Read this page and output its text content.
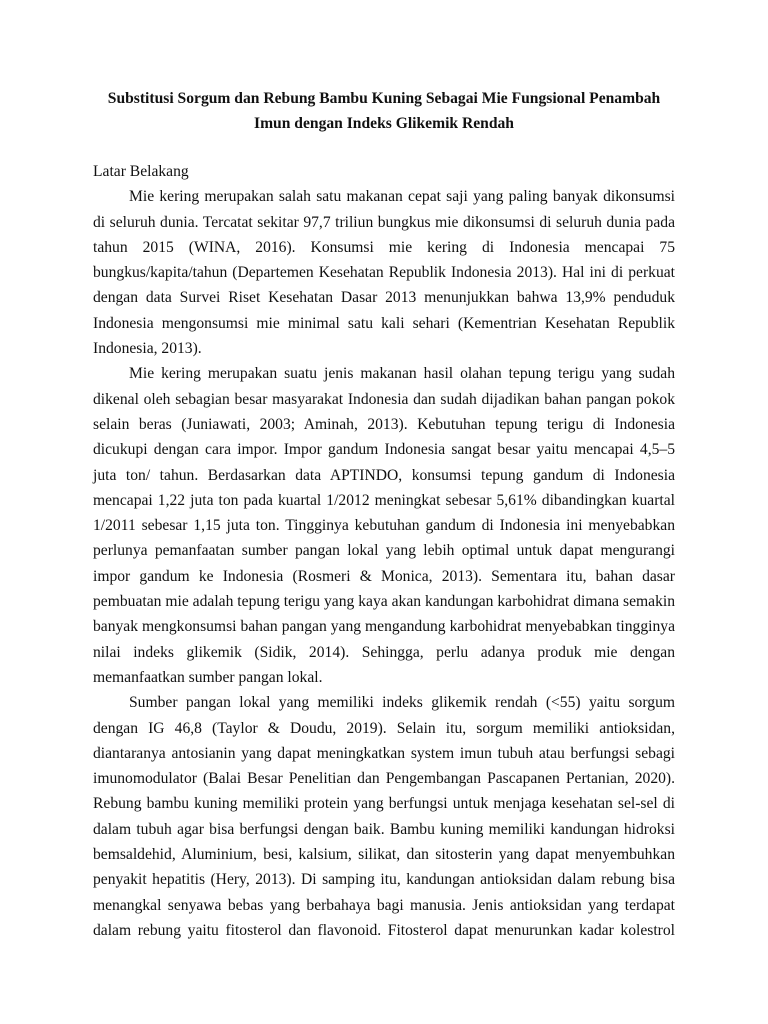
Substitusi Sorgum dan Rebung Bambu Kuning Sebagai Mie Fungsional Penambah
Imun dengan Indeks Glikemik Rendah

Latar Belakang

Mie kering merupakan salah satu makanan cepat saji yang paling banyak dikonsumsi di seluruh dunia. Tercatat sekitar 97,7 triliun bungkus mie dikonsumsi di seluruh dunia pada tahun 2015 (WINA, 2016). Konsumsi mie kering di Indonesia mencapai 75 bungkus/kapita/tahun (Departemen Kesehatan Republik Indonesia 2013). Hal ini di perkuat dengan data Survei Riset Kesehatan Dasar 2013 menunjukkan bahwa 13,9% penduduk Indonesia mengonsumsi mie minimal satu kali sehari (Kementrian Kesehatan Republik Indonesia, 2013).

Mie kering merupakan suatu jenis makanan hasil olahan tepung terigu yang sudah dikenal oleh sebagian besar masyarakat Indonesia dan sudah dijadikan bahan pangan pokok selain beras (Juniawati, 2003; Aminah, 2013). Kebutuhan tepung terigu di Indonesia dicukupi dengan cara impor. Impor gandum Indonesia sangat besar yaitu mencapai 4,5–5 juta ton/ tahun. Berdasarkan data APTINDO, konsumsi tepung gandum di Indonesia mencapai 1,22 juta ton pada kuartal 1/2012 meningkat sebesar 5,61% dibandingkan kuartal 1/2011 sebesar 1,15 juta ton. Tingginya kebutuhan gandum di Indonesia ini menyebabkan perlunya pemanfaatan sumber pangan lokal yang lebih optimal untuk dapat mengurangi impor gandum ke Indonesia (Rosmeri & Monica, 2013). Sementara itu, bahan dasar pembuatan mie adalah tepung terigu yang kaya akan kandungan karbohidrat dimana semakin banyak mengkonsumsi bahan pangan yang mengandung karbohidrat menyebabkan tingginya nilai indeks glikemik (Sidik, 2014). Sehingga, perlu adanya produk mie dengan memanfaatkan sumber pangan lokal.

Sumber pangan lokal yang memiliki indeks glikemik rendah (<55) yaitu sorgum dengan IG 46,8 (Taylor & Doudu, 2019). Selain itu, sorgum memiliki antioksidan, diantaranya antosianin yang dapat meningkatkan system imun tubuh atau berfungsi sebagi imunomodulator (Balai Besar Penelitian dan Pengembangan Pascapanen Pertanian, 2020). Rebung bambu kuning memiliki protein yang berfungsi untuk menjaga kesehatan sel-sel di dalam tubuh agar bisa berfungsi dengan baik. Bambu kuning memiliki kandungan hidroksi bemsaldehid, Aluminium, besi, kalsium, silikat, dan sitosterin yang dapat menyembuhkan penyakit hepatitis (Hery, 2013). Di samping itu, kandungan antioksidan dalam rebung bisa menangkal senyawa bebas yang berbahaya bagi manusia. Jenis antioksidan yang terdapat dalam rebung yaitu fitosterol dan flavonoid. Fitosterol dapat menurunkan kadar kolestrol
